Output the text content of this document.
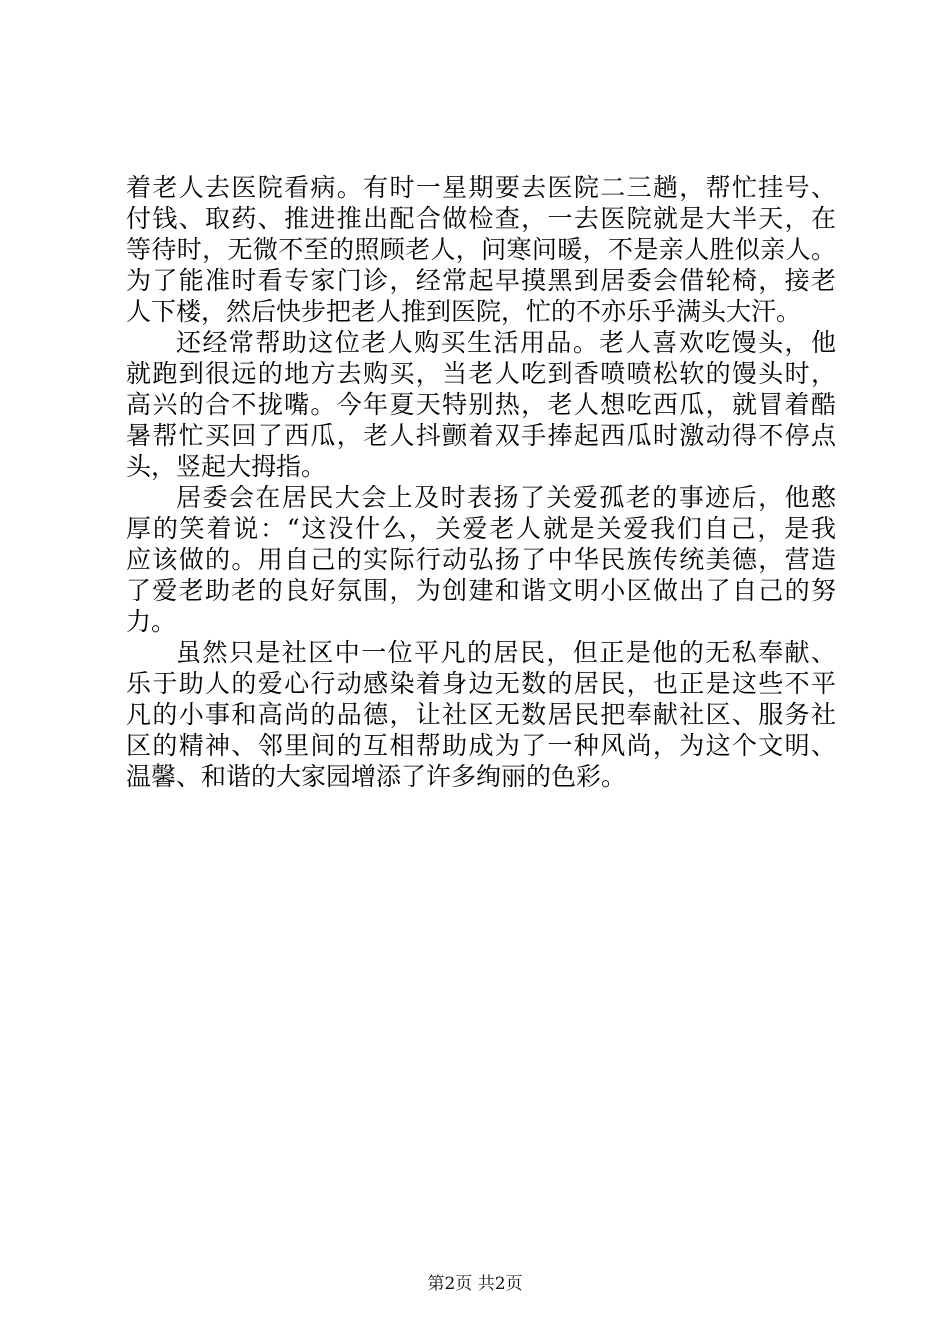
着老人去医院看病。有时一星期要去医院二三趟，帮忙挂号、
付钱、取药、推进推出配合做检查，一去医院就是大半天，在
等待时，无微不至的照顾老人，问寒问暖，不是亲人胜似亲人。
为了能准时看专家门诊，经常起早摸黑到居委会借轮椅，接老
人下楼，然后快步把老人推到医院，忙的不亦乐乎满头大汗。
还经常帮助这位老人购买生活用品。老人喜欢吃馒头，他
就跑到很远的地方去购买，当老人吃到香喷喷松软的馒头时，
高兴的合不拢嘴。今年夏天特别热，老人想吃西瓜，就冒着酷
暑帮忙买回了西瓜，老人抖颤着双手捧起西瓜时激动得不停点
头，竖起大拇指。
居委会在居民大会上及时表扬了关爱孤老的事迹后，他憨
厚的笑着说：“这没什么，关爱老人就是关爱我们自己，是我
应该做的。用自己的实际行动弘扬了中华民族传统美德，营造
了爱老助老的良好氛围，为创建和谐文明小区做出了自己的努
力。
虽然只是社区中一位平凡的居民，但正是他的无私奉献、
乐于助人的爱心行动感染着身边无数的居民，也正是这些不平
凡的小事和高尚的品德，让社区无数居民把奉献社区、服务社
区的精神、邻里间的互相帮助成为了一种风尚，为这个文明、
温馨、和谐的大家园增添了许多绚丽的色彩。
第2页 共2页
